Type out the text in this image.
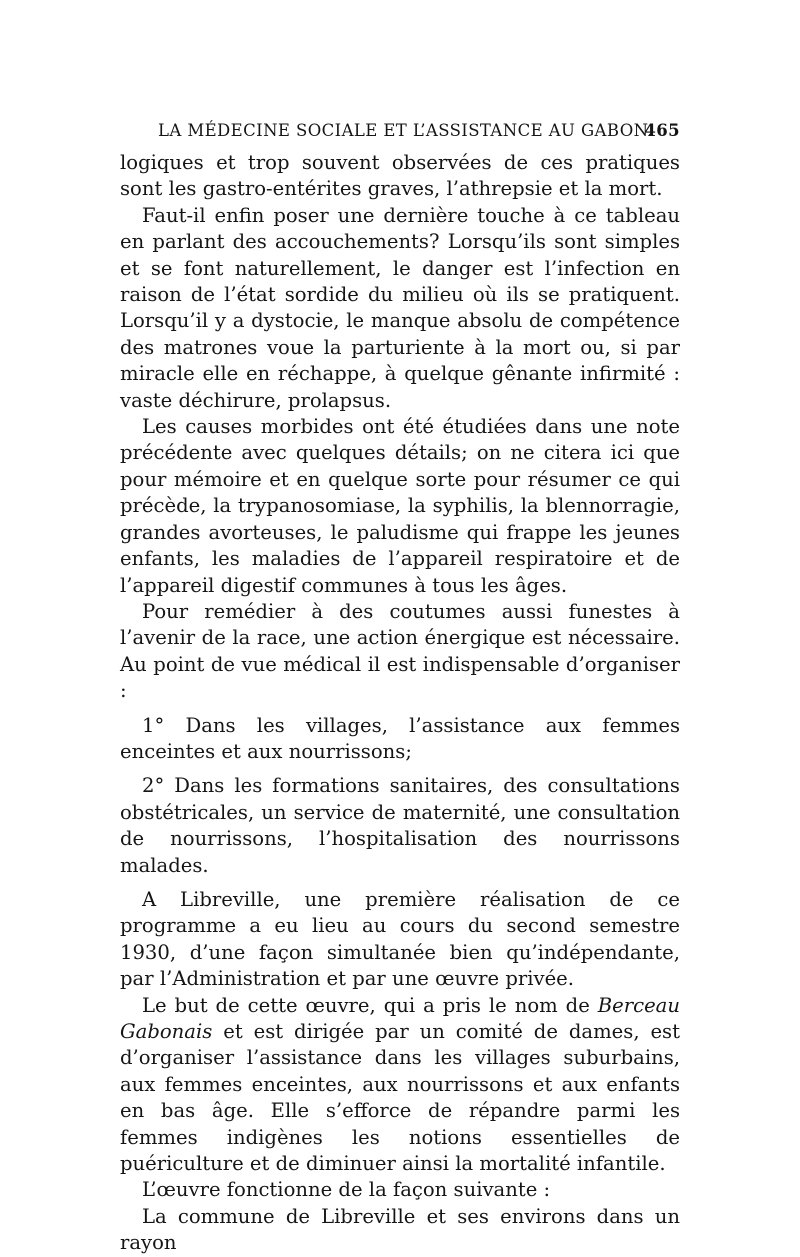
LA MÉDECINE SOCIALE ET L’ASSISTANCE AU GABON.
465

logiques et trop souvent observées de ces pratiques sont les gastro-entérites graves, l’athrepsie et la mort.

Faut-il enfin poser une dernière touche à ce tableau en parlant des accouchements? Lorsqu’ils sont simples et se font naturellement, le danger est l’infection en raison de l’état sordide du milieu où ils se pratiquent. Lorsqu’il y a dystocie, le manque absolu de compétence des matrones voue la parturiente à la mort ou, si par miracle elle en réchappe, à quelque gênante infirmité : vaste déchirure, prolapsus.

Les causes morbides ont été étudiées dans une note précédente avec quelques détails; on ne citera ici que pour mémoire et en quelque sorte pour résumer ce qui précède, la trypanosomiase, la syphilis, la blennorragie, grandes avorteuses, le paludisme qui frappe les jeunes enfants, les maladies de l’appareil respiratoire et de l’appareil digestif communes à tous les âges.

Pour remédier à des coutumes aussi funestes à l’avenir de la race, une action énergique est nécessaire. Au point de vue médical il est indispensable d’organiser :

1° Dans les villages, l’assistance aux femmes enceintes et aux nourrissons;

2° Dans les formations sanitaires, des consultations obstétricales, un service de maternité, une consultation de nourrissons, l’hospitalisation des nourrissons malades.

A Libreville, une première réalisation de ce programme a eu lieu au cours du second semestre 1930, d’une façon simultanée bien qu’indépendante, par l’Administration et par une œuvre privée.

Le but de cette œuvre, qui a pris le nom de Berceau Gabonais et est dirigée par un comité de dames, est d’organiser l’assistance dans les villages suburbains, aux femmes enceintes, aux nourrissons et aux enfants en bas âge. Elle s’efforce de répandre parmi les femmes indigènes les notions essentielles de puériculture et de diminuer ainsi la mortalité infantile.

L’œuvre fonctionne de la façon suivante :

La commune de Libreville et ses environs dans un rayon
